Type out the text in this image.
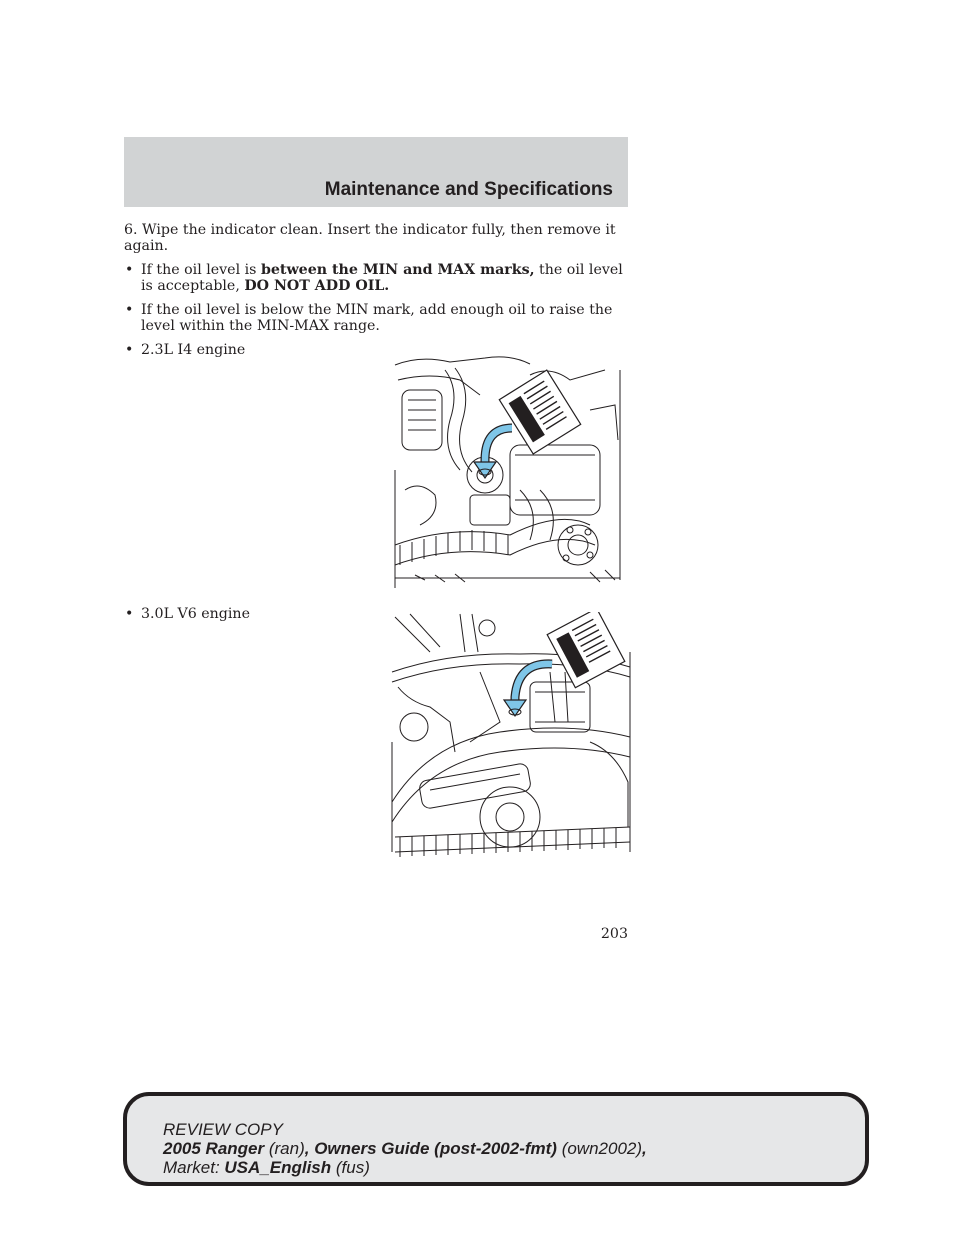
Maintenance and Specifications

6. Wipe the indicator clean. Insert the indicator fully, then remove it again.

• If the oil level is between the MIN and MAX marks, the oil level is acceptable, DO NOT ADD OIL.
• If the oil level is below the MIN mark, add enough oil to raise the level within the MIN-MAX range.
• 2.3L I4 engine
• 3.0L V6 engine
203
REVIEW COPY
2005 Ranger (ran), Owners Guide (post-2002-fmt) (own2002),
Market: USA_English (fus)
